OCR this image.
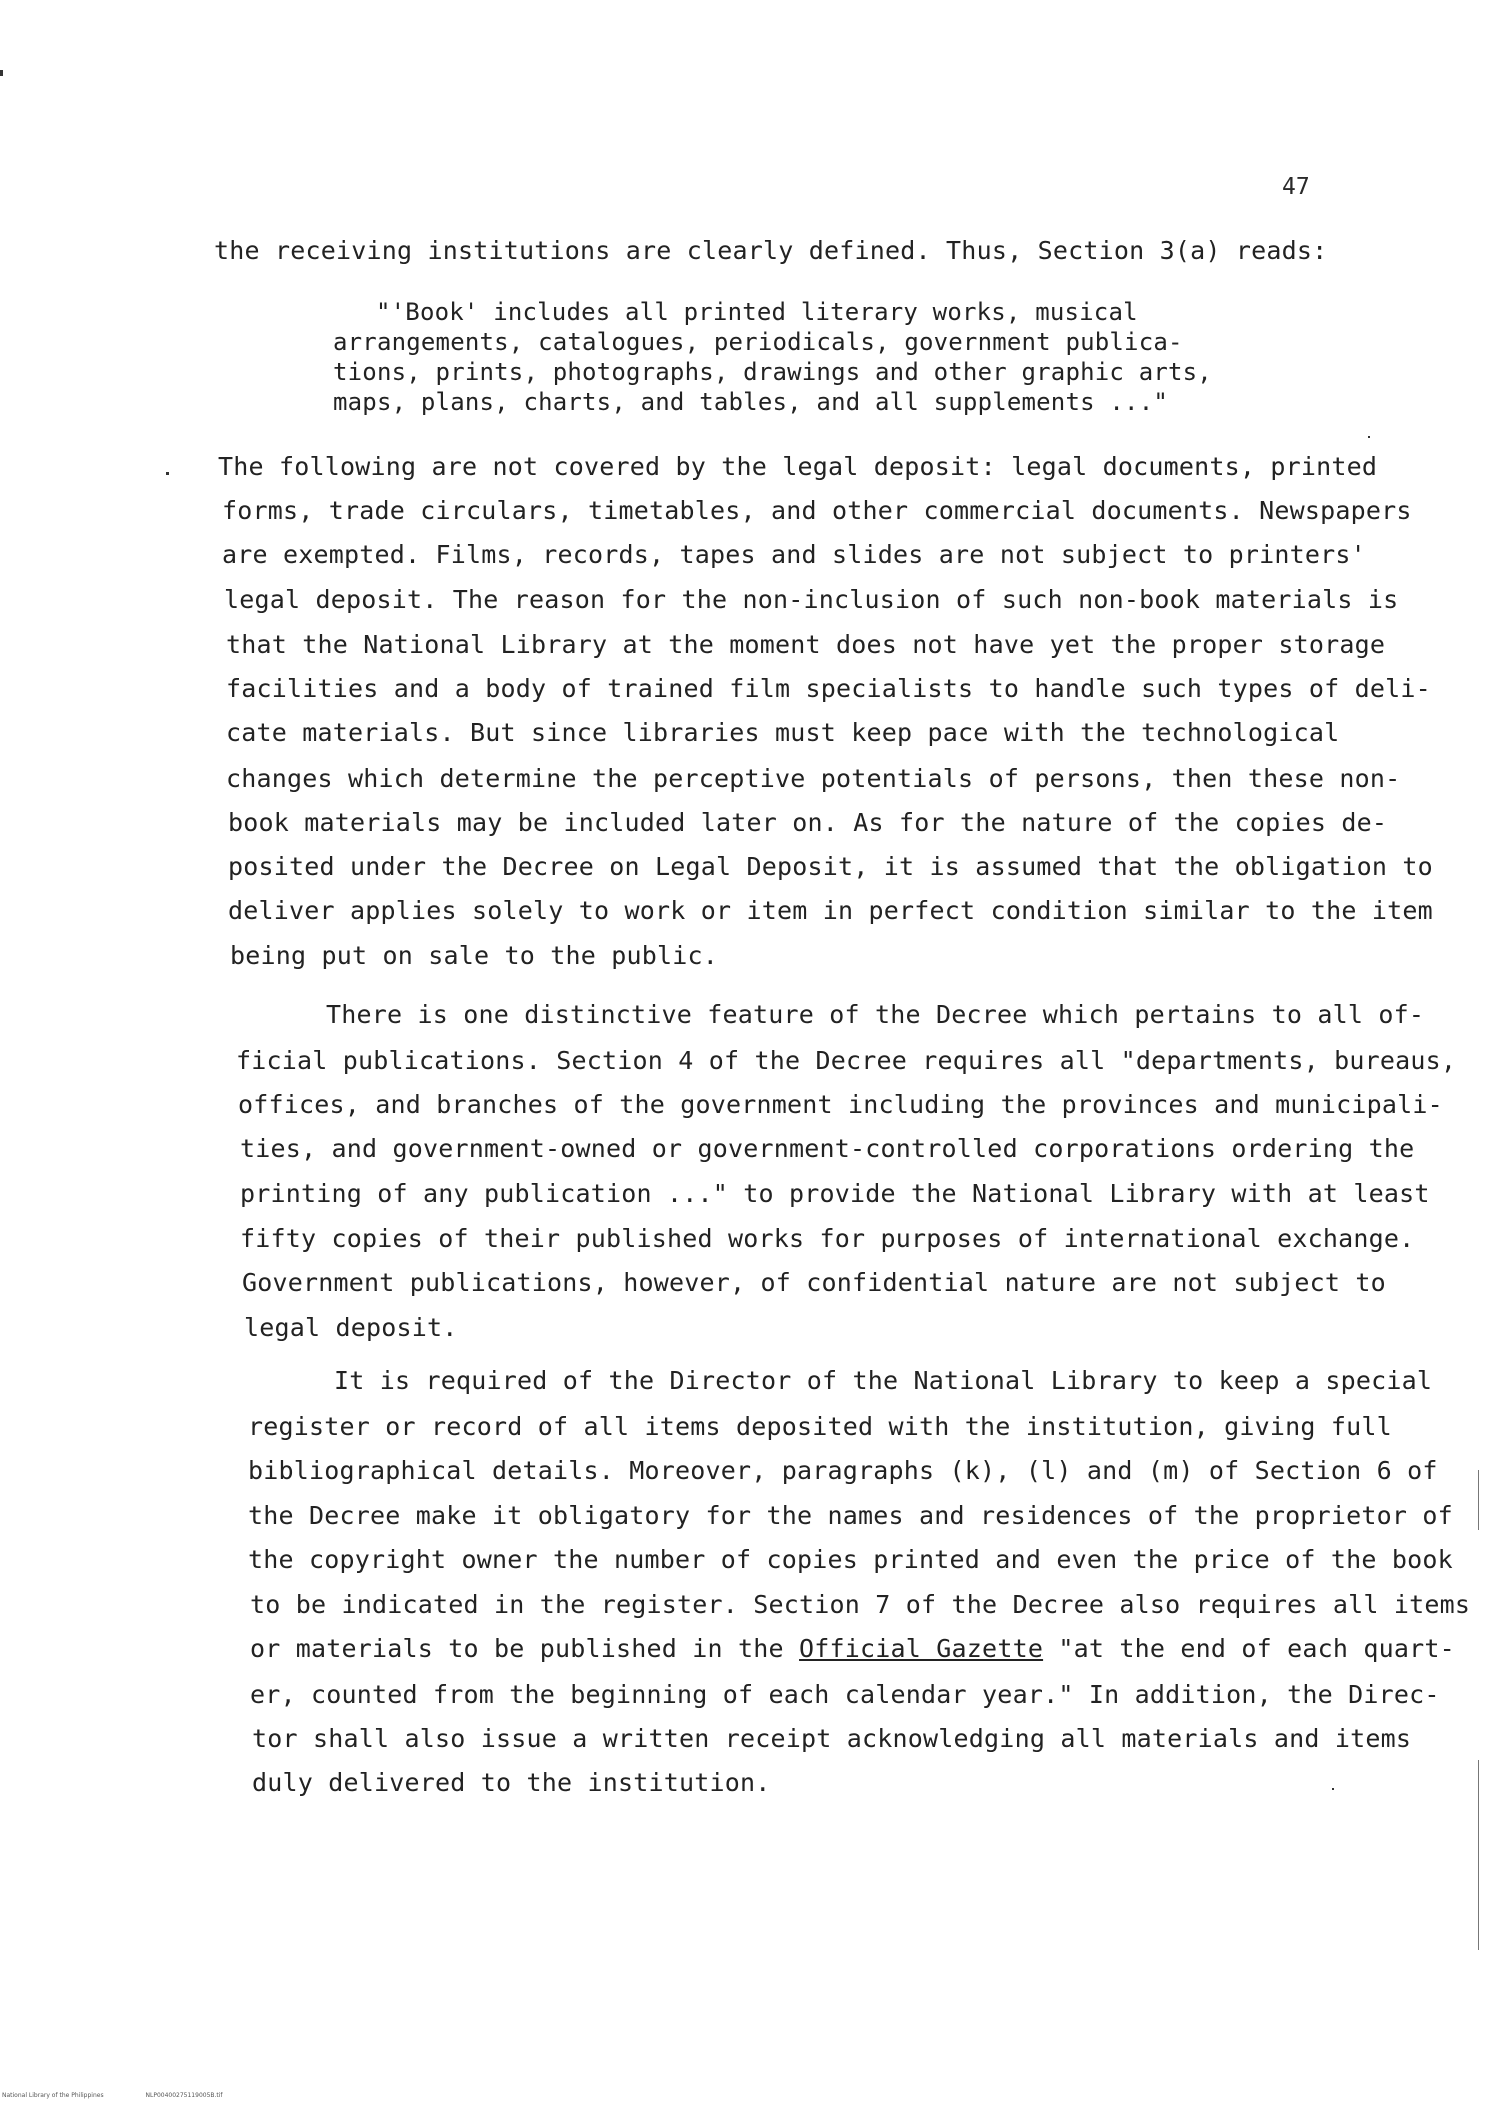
47
the receiving institutions are clearly defined. Thus, Section 3(a) reads:
"'Book' includes all printed literary works, musical
arrangements, catalogues, periodicals, government publica-
tions, prints, photographs, drawings and other graphic arts,
maps, plans, charts, and tables, and all supplements ..."
The following are not covered by the legal deposit: legal documents, printed
forms, trade circulars, timetables, and other commercial documents. Newspapers
are exempted. Films, records, tapes and slides are not subject to printers'
legal deposit. The reason for the non-inclusion of such non-book materials is
that the National Library at the moment does not have yet the proper storage
facilities and a body of trained film specialists to handle such types of deli-
cate materials. But since libraries must keep pace with the technological
changes which determine the perceptive potentials of persons, then these non-
book materials may be included later on. As for the nature of the copies de-
posited under the Decree on Legal Deposit, it is assumed that the obligation to
deliver applies solely to work or item in perfect condition similar to the item
being put on sale to the public.
There is one distinctive feature of the Decree which pertains to all of-
ficial publications. Section 4 of the Decree requires all "departments, bureaus,
offices, and branches of the government including the provinces and municipali-
ties, and government-owned or government-controlled corporations ordering the
printing of any publication ..." to provide the National Library with at least
fifty copies of their published works for purposes of international exchange.
Government publications, however, of confidential nature are not subject to
legal deposit.
It is required of the Director of the National Library to keep a special
register or record of all items deposited with the institution, giving full
bibliographical details. Moreover, paragraphs (k), (l) and (m) of Section 6 of
the Decree make it obligatory for the names and residences of the proprietor of
the copyright owner the number of copies printed and even the price of the book
to be indicated in the register. Section 7 of the Decree also requires all items
or materials to be published in the Official Gazette "at the end of each quart-
er, counted from the beginning of each calendar year." In addition, the Direc-
tor shall also issue a written receipt acknowledging all materials and items
duly delivered to the institution.
National Library of the Philippines	NLP00400275119005B.tif
